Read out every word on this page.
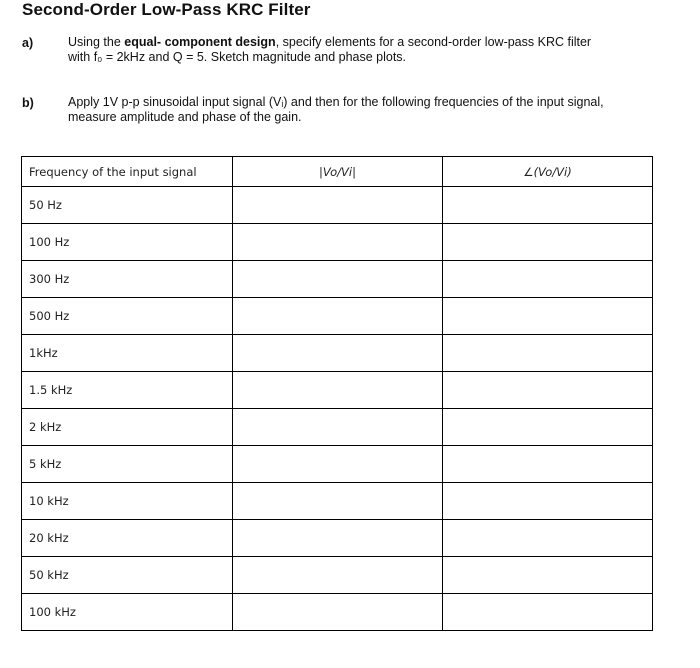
Second-Order Low-Pass KRC Filter
a)	Using the equal- component design, specify elements for a second-order low-pass KRC filter
with f₀ = 2kHz and Q = 5. Sketch magnitude and phase plots.
b)	Apply 1V p-p sinusoidal input signal (Vᵢ) and then for the following frequencies of the input signal,
measure amplitude and phase of the gain.
Frequency of the input signal	|Vo/Vi|	∠(Vo/Vi)
50 Hz		
100 Hz		
300 Hz		
500 Hz		
1kHz		
1.5 kHz		
2 kHz		
5 kHz		
10 kHz		
20 kHz		
50 kHz		
100 kHz		
